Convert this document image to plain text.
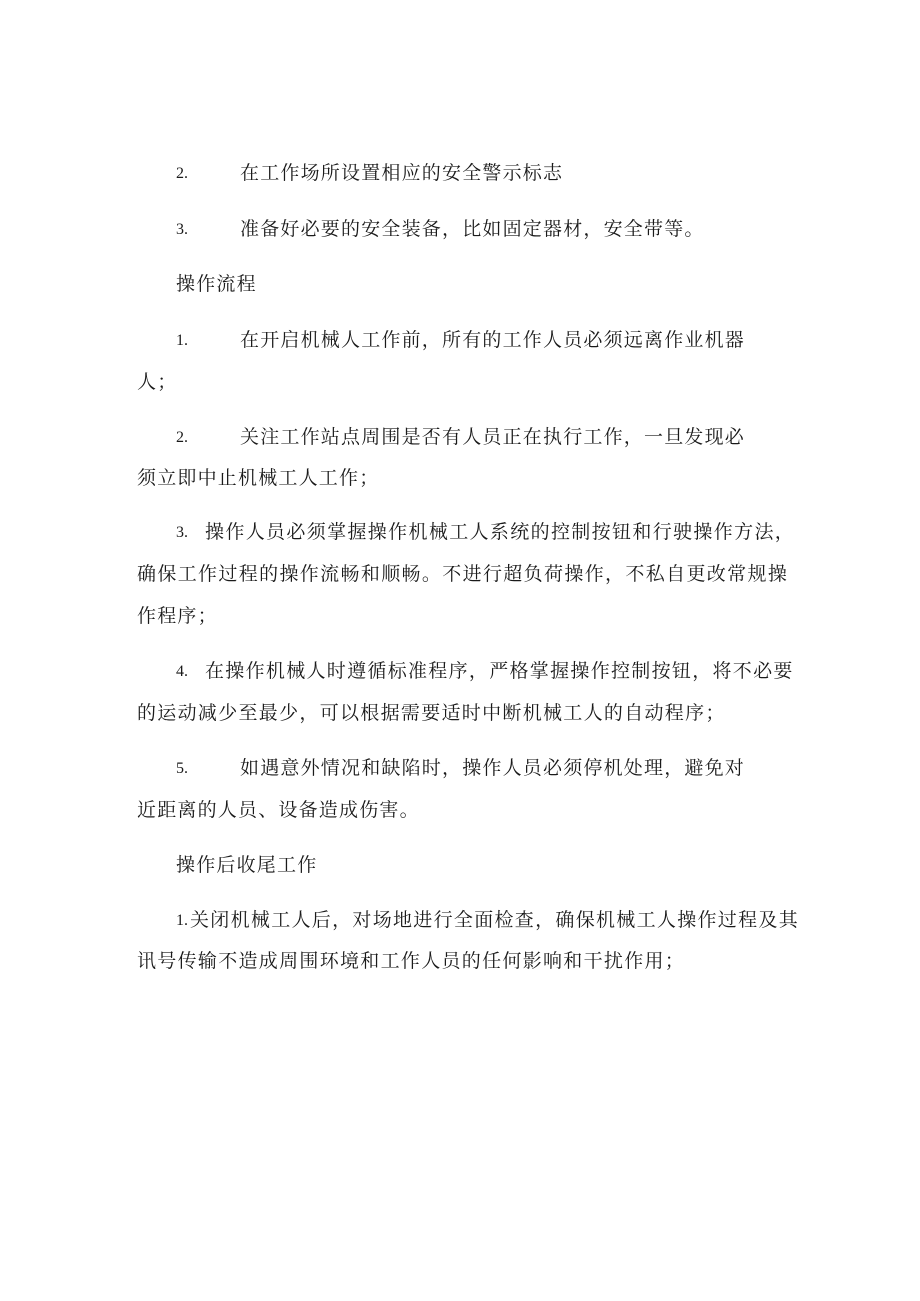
2.	在工作场所设置相应的安全警示标志
3.	准备好必要的安全装备，比如固定器材，安全带等。
操作流程
1.	在开启机械人工作前，所有的工作人员必须远离作业机器
人；
2.	关注工作站点周围是否有人员正在执行工作，一旦发现必
须立即中止机械工人工作；
3. 操作人员必须掌握操作机械工人系统的控制按钮和行驶操作方法，
确保工作过程的操作流畅和顺畅。不进行超负荷操作，不私自更改常规操
作程序；
4. 在操作机械人时遵循标准程序，严格掌握操作控制按钮，将不必要
的运动减少至最少，可以根据需要适时中断机械工人的自动程序；
5.	如遇意外情况和缺陷时，操作人员必须停机处理，避免对
近距离的人员、设备造成伤害。
操作后收尾工作
1. 关闭机械工人后，对场地进行全面检查，确保机械工人操作过程及其
讯号传输不造成周围环境和工作人员的任何影响和干扰作用；
